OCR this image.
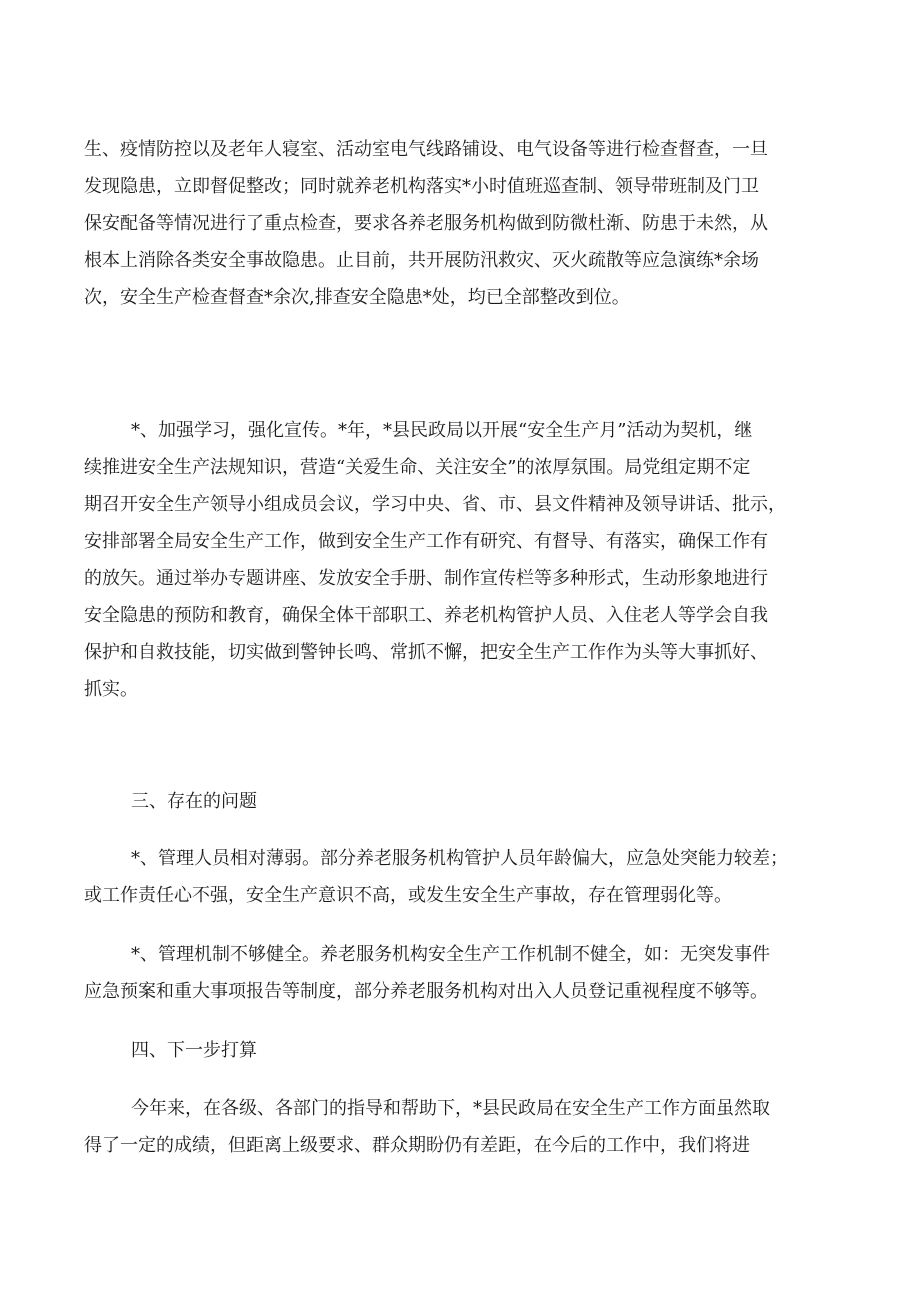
生、疫情防控以及老年人寝室、活动室电气线路铺设、电气设备等进行检查督查，一旦
发现隐患，立即督促整改；同时就养老机构落实*小时值班巡查制、领导带班制及门卫
保安配备等情况进行了重点检查，要求各养老服务机构做到防微杜渐、防患于未然，从
根本上消除各类安全事故隐患。止目前，共开展防汛救灾、灭火疏散等应急演练*余场
次，安全生产检查督查*余次,排查安全隐患*处，均已全部整改到位。
*、加强学习，强化宣传。*年，*县民政局以开展“安全生产月”活动为契机，继
续推进安全生产法规知识，营造“关爱生命、关注安全”的浓厚氛围。局党组定期不定
期召开安全生产领导小组成员会议，学习中央、省、市、县文件精神及领导讲话、批示，
安排部署全局安全生产工作，做到安全生产工作有研究、有督导、有落实，确保工作有
的放矢。通过举办专题讲座、发放安全手册、制作宣传栏等多种形式，生动形象地进行
安全隐患的预防和教育，确保全体干部职工、养老机构管护人员、入住老人等学会自我
保护和自救技能，切实做到警钟长鸣、常抓不懈，把安全生产工作作为头等大事抓好、
抓实。
三、存在的问题
*、管理人员相对薄弱。部分养老服务机构管护人员年龄偏大，应急处突能力较差；
或工作责任心不强，安全生产意识不高，或发生安全生产事故，存在管理弱化等。
*、管理机制不够健全。养老服务机构安全生产工作机制不健全，如：无突发事件
应急预案和重大事项报告等制度，部分养老服务机构对出入人员登记重视程度不够等。
四、下一步打算
今年来，在各级、各部门的指导和帮助下，*县民政局在安全生产工作方面虽然取
得了一定的成绩，但距离上级要求、群众期盼仍有差距，在今后的工作中，我们将进
